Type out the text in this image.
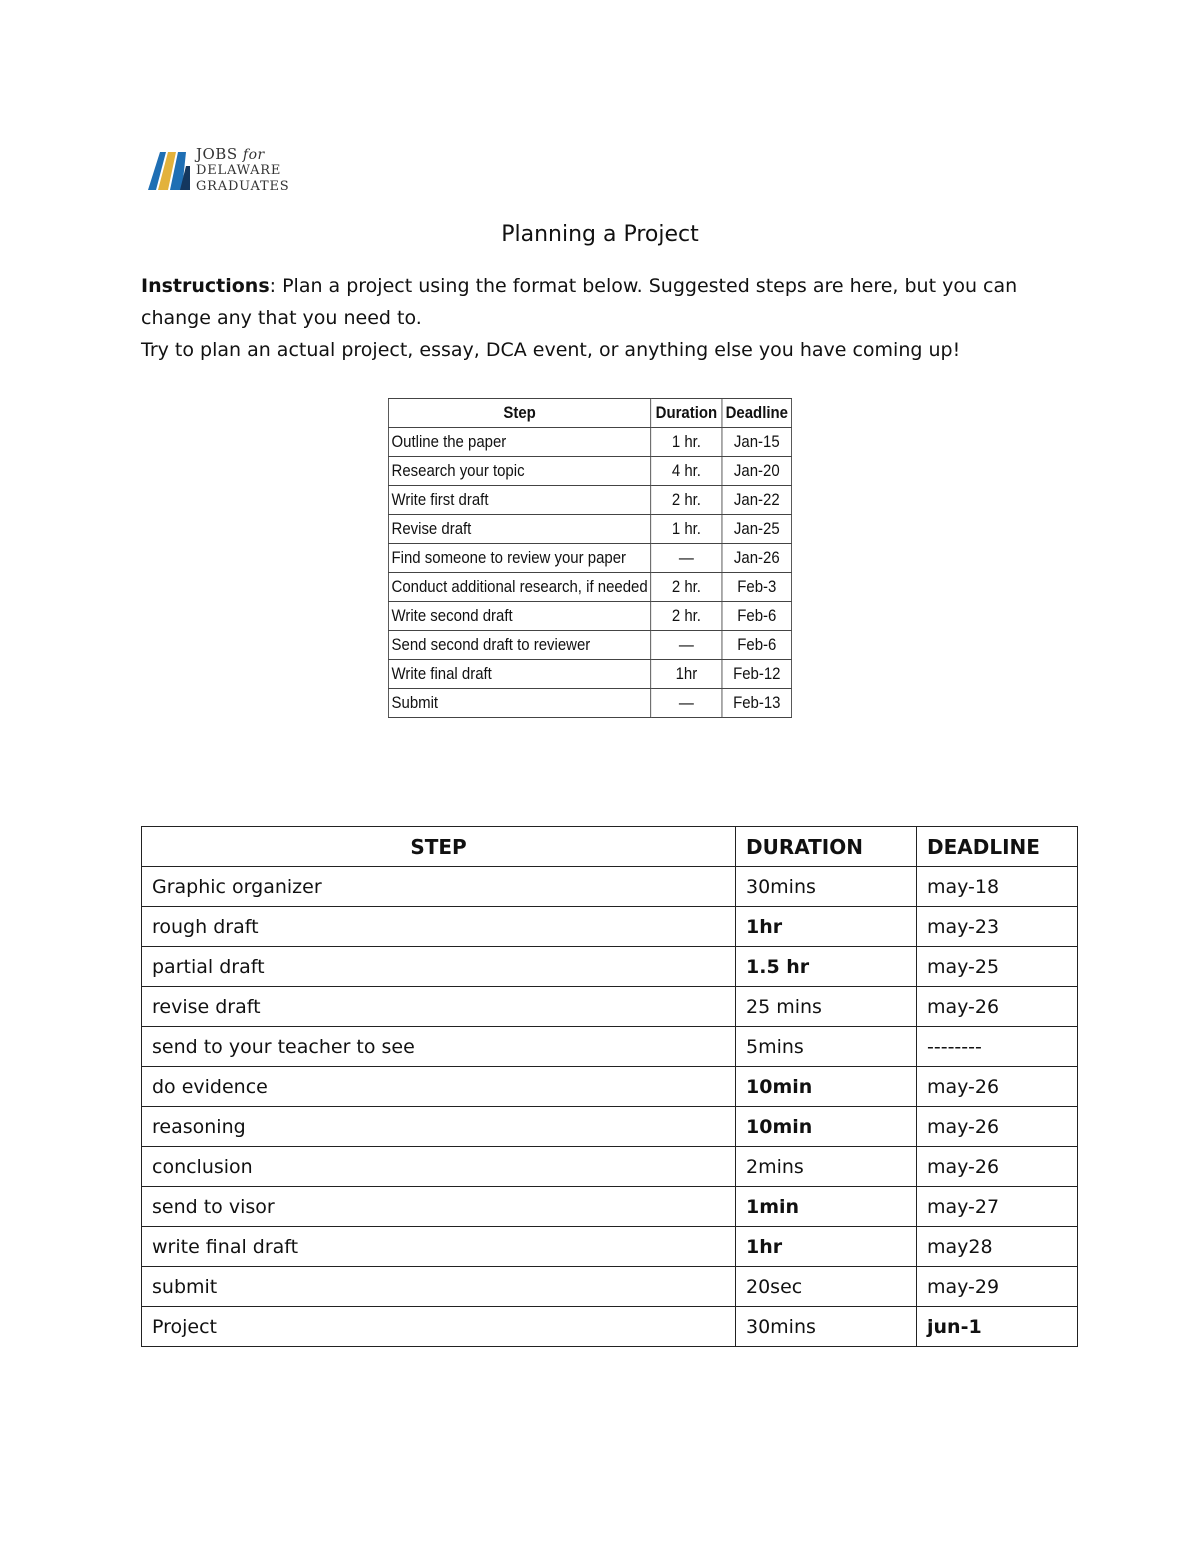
JOBS for
DELAWARE
GRADUATES
Planning a Project
Instructions: Plan a project using the format below. Suggested steps are here, but you can change any that you need to.
Try to plan an actual project, essay, DCA event, or anything else you have coming up!
Step	Duration	Deadline
Outline the paper	1 hr.	Jan-15
Research your topic	4 hr.	Jan-20
Write first draft	2 hr.	Jan-22
Revise draft	1 hr.	Jan-25
Find someone to review your paper	—	Jan-26
Conduct additional research, if needed	2 hr.	Feb-3
Write second draft	2 hr.	Feb-6
Send second draft to reviewer	—	Feb-6
Write final draft	1hr	Feb-12
Submit	—	Feb-13
STEP	DURATION	DEADLINE
Graphic organizer	30mins	may-18
rough draft	1hr	may-23
partial draft	1.5 hr	may-25
revise draft	25 mins	may-26
send to your teacher to see	5mins	--------
do evidence	10min	may-26
reasoning	10min	may-26
conclusion	2mins	may-26
send to visor	1min	may-27
write final draft	1hr	may28
submit	20sec	may-29
Project	30mins	jun-1
